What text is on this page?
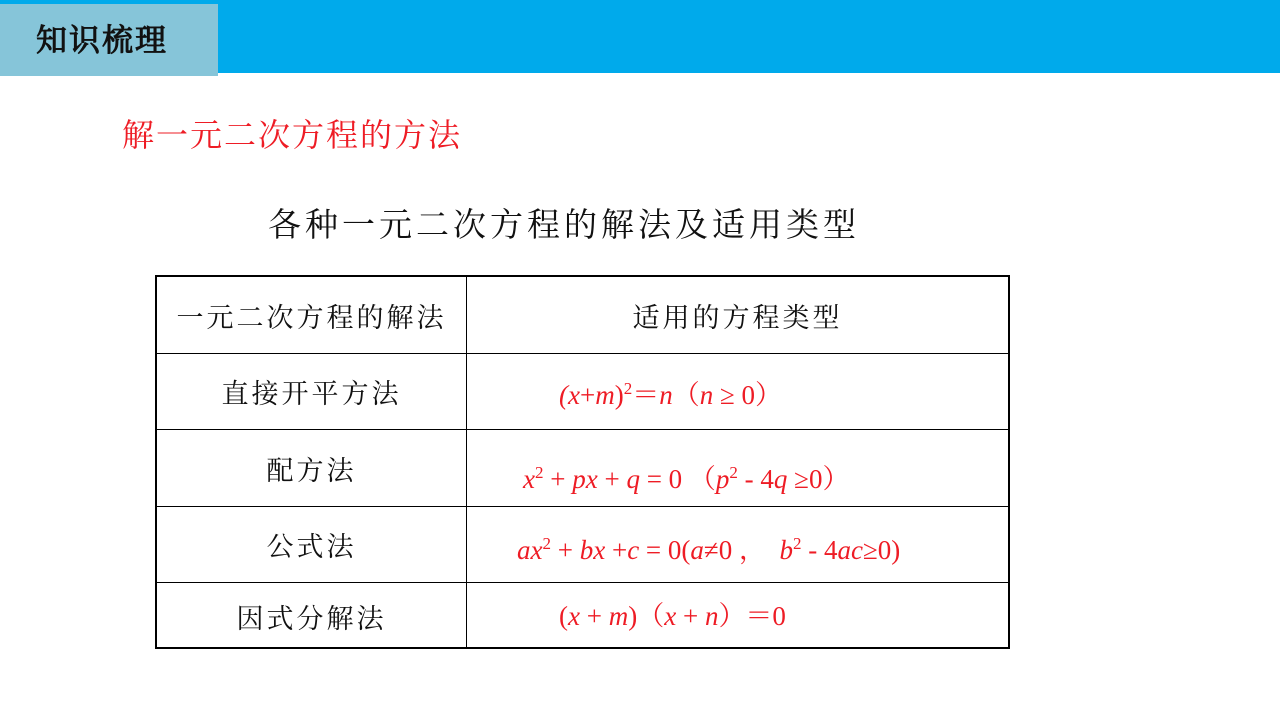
知识梳理
解一元二次方程的方法
各种一元二次方程的解法及适用类型
一元二次方程的解法	适用的方程类型
直接开平方法	$(x+m)^2=n(n \ge 0)$
配方法	$x^2$ + px + q = 0 $(p^2 - 4q \ge 0)$
公式法	$ax^2$ + bx +c = 0(a≠0 ，  $b^2 - 4ac\ge 0$)
因式分解法	(x + m)（x + n）＝0
